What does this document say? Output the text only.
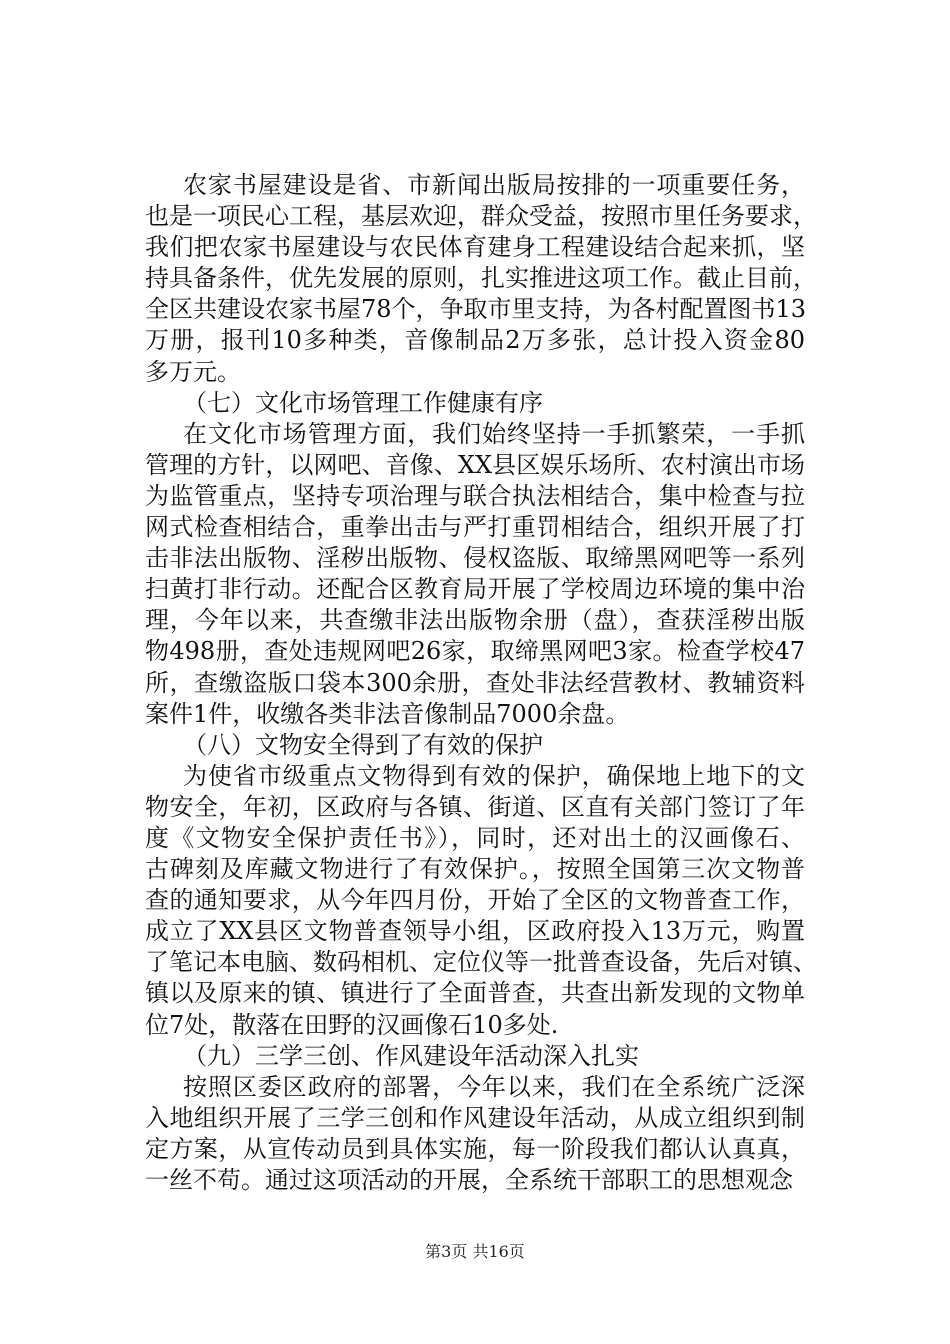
农家书屋建设是省、市新闻出版局按排的一项重要任务，
也是一项民心工程，基层欢迎，群众受益，按照市里任务要求，
我们把农家书屋建设与农民体育建身工程建设结合起来抓，坚
持具备条件，优先发展的原则，扎实推进这项工作。截止目前，
全区共建设农家书屋78个，争取市里支持，为各村配置图书13
万册，报刊10多种类，音像制品2万多张，总计投入资金80
多万元。
（七）文化市场管理工作健康有序
在文化市场管理方面，我们始终坚持一手抓繁荣，一手抓
管理的方针，以网吧、音像、XX县区娱乐场所、农村演出市场
为监管重点，坚持专项治理与联合执法相结合，集中检查与拉
网式检查相结合，重拳出击与严打重罚相结合，组织开展了打
击非法出版物、淫秽出版物、侵权盗版、取缔黑网吧等一系列
扫黄打非行动。还配合区教育局开展了学校周边环境的集中治
理，今年以来，共查缴非法出版物余册（盘），查获淫秽出版
物498册，查处违规网吧26家，取缔黑网吧3家。检查学校47
所，查缴盗版口袋本300余册，查处非法经营教材、教辅资料
案件1件，收缴各类非法音像制品7000余盘。
（八）文物安全得到了有效的保护
为使省市级重点文物得到有效的保护，确保地上地下的文
物安全，年初，区政府与各镇、街道、区直有关部门签订了年
度《文物安全保护责任书》），同时，还对出土的汉画像石、
古碑刻及库藏文物进行了有效保护。，按照全国第三次文物普
查的通知要求，从今年四月份，开始了全区的文物普查工作，
成立了XX县区文物普查领导小组，区政府投入13万元，购置
了笔记本电脑、数码相机、定位仪等一批普查设备，先后对镇、
镇以及原来的镇、镇进行了全面普查，共查出新发现的文物单
位7处，散落在田野的汉画像石10多处.
（九）三学三创、作风建设年活动深入扎实
按照区委区政府的部署，今年以来，我们在全系统广泛深
入地组织开展了三学三创和作风建设年活动，从成立组织到制
定方案，从宣传动员到具体实施，每一阶段我们都认认真真，
一丝不苟。通过这项活动的开展，全系统干部职工的思想观念
第3页 共16页
